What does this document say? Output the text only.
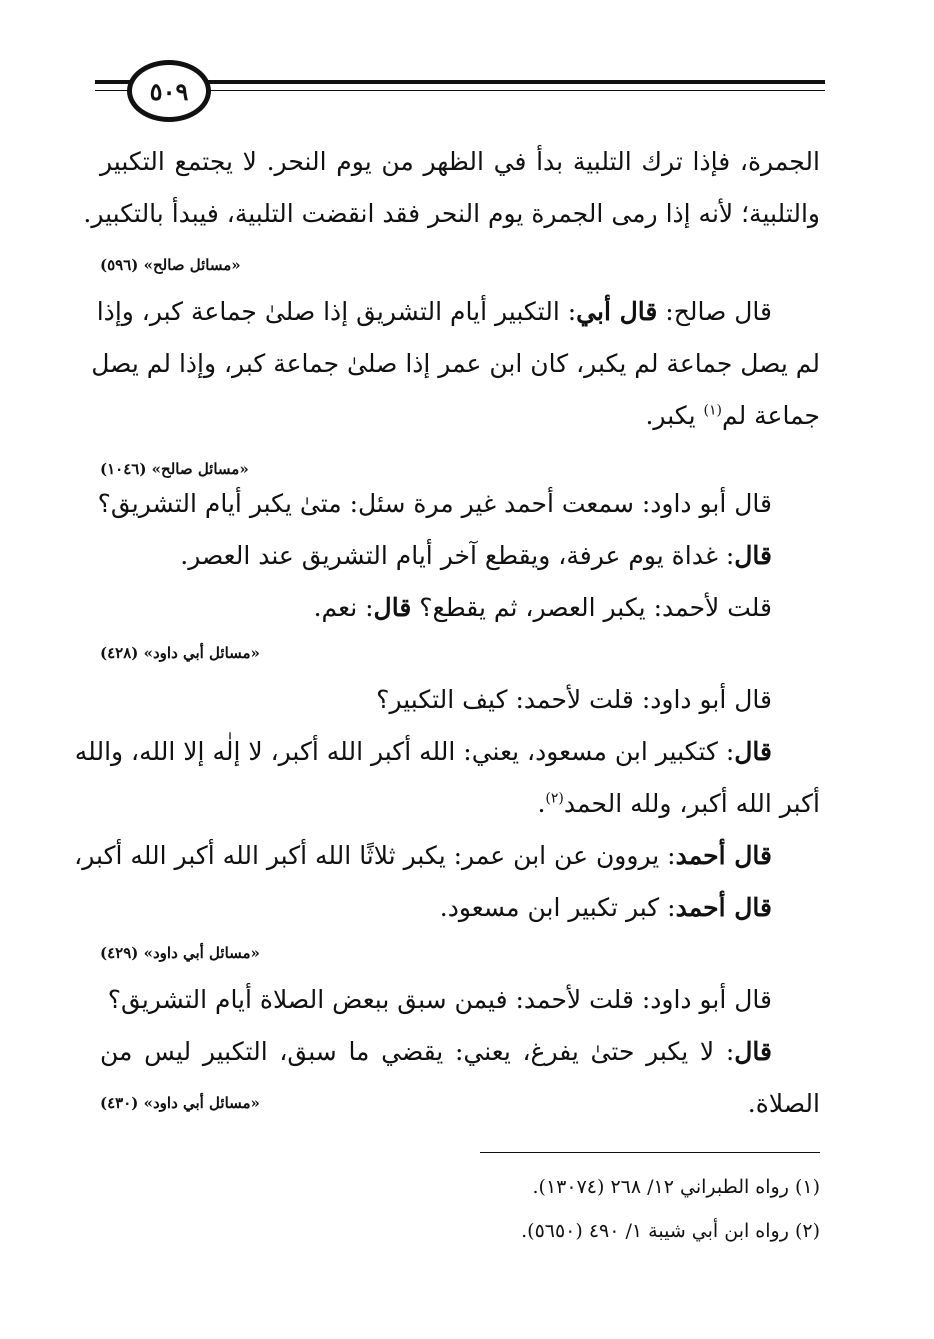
٥٠٩
الجمرة، فإذا ترك التلبية بدأ في الظهر من يوم النحر. لا يجتمع التكبير
والتلبية؛ لأنه إذا رمى الجمرة يوم النحر فقد انقضت التلبية، فيبدأ بالتكبير.
«مسائل صالح» (٥٩٦)
قال صالح: قال أبي: التكبير أيام التشريق إذا صلىٰ جماعة كبر، وإذا
لم يصل جماعة لم يكبر، كان ابن عمر إذا صلىٰ جماعة كبر، وإذا لم يصل
جماعة لم$^{(١)}$ يكبر.
«مسائل صالح» (١٠٤٦)
قال أبو داود: سمعت أحمد غير مرة سئل: متىٰ يكبر أيام التشريق؟
قال: غداة يوم عرفة، ويقطع آخر أيام التشريق عند العصر.
قلت لأحمد: يكبر العصر، ثم يقطع؟ قال: نعم.
«مسائل أبي داود» (٤٢٨)
قال أبو داود: قلت لأحمد: كيف التكبير؟
قال: كتكبير ابن مسعود، يعني: الله أكبر الله أكبر، لا إلٰه إلا الله، والله
أكبر الله أكبر، ولله الحمد$^{(٢)}$.
قال أحمد: يروون عن ابن عمر: يكبر ثلاثًا الله أكبر الله أكبر الله أكبر،
قال أحمد: كبر تكبير ابن مسعود.
«مسائل أبي داود» (٤٢٩)
قال أبو داود: قلت لأحمد: فيمن سبق ببعض الصلاة أيام التشريق؟
قال: لا يكبر حتىٰ يفرغ، يعني: يقضي ما سبق، التكبير ليس من
الصلاة.
«مسائل أبي داود» (٤٣٠)
(١) رواه الطبراني ١٢/ ٢٦٨ (١٣٠٧٤).
(٢) رواه ابن أبي شيبة ١/ ٤٩٠ (٥٦٥٠).
